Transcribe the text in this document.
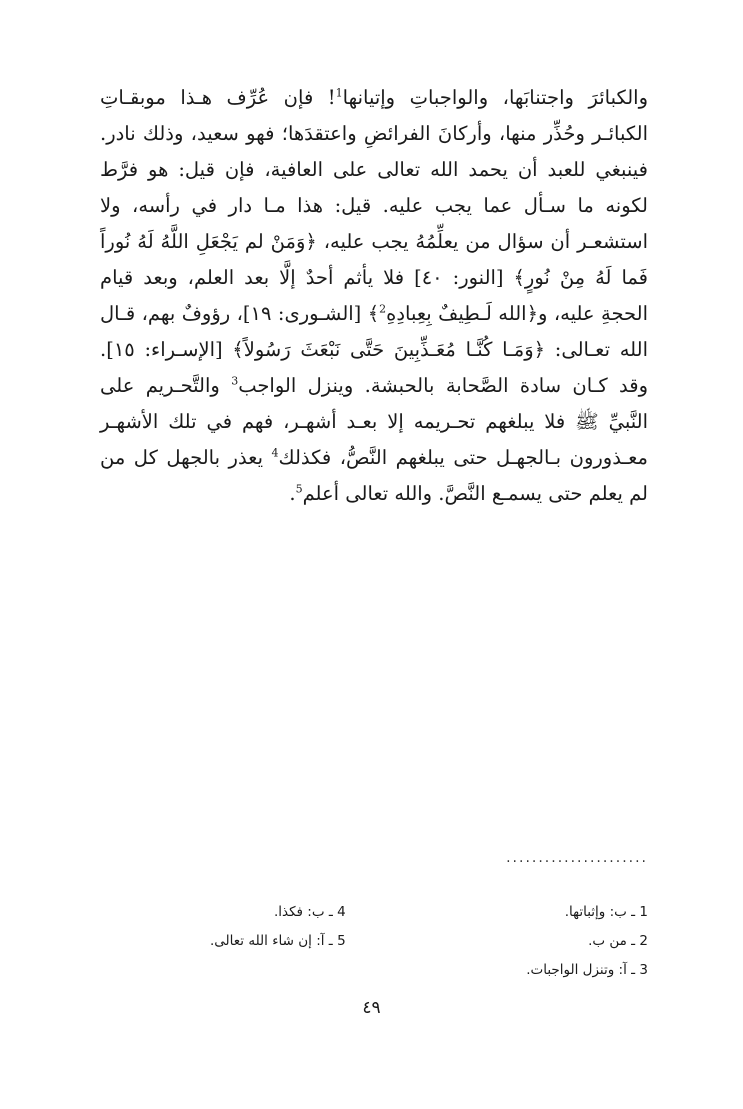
والكبائرَ واجتنابَها، والواجباتِ وإتيانها$^1$! فإن عُرِّف هـذا موبقـاتِ الكبائـر وحُذِّر منها، وأركانَ الفرائضِ واعتقدَها؛ فهو سعيد، وذلك نادر. فينبغي للعبد أن يحمد الله تعالى على العافية، فإن قيل: هو فرَّط لكونه ما سـأل عما يجب عليه. قيل: هذا مـا دار في رأسه، ولا استشعـر أن سؤال من يعلِّمُهُ يجب عليه، ﴿وَمَنْ لم يَجْعَلِ اللَّهُ لَهُ نُوراً فَما لَهُ مِنْ نُورٍ﴾ [النور: ٤٠] فلا يأثم أحدٌ إلَّا بعد العلم، وبعد قيام الحجةِ عليه، و﴿الله لَـطِيفٌ بِعِبادِهِ$^2$﴾ [الشـورى: ١٩]، رؤوفٌ بهم، قـال الله تعـالى: ﴿وَمَـا كُنَّـا مُعَـذِّبِينَ حَتَّى نَبْعَثَ رَسُولاً﴾ [الإسـراء: ١٥]. وقد كـان سادة الصَّحابة بالحبشة. وينزل الواجب$^3$ والتَّحـريم على النَّبيِّ ﷺ فلا يبلغهم تحـريمه إلا بعـد أشهـر، فهم في تلك الأشهـر معـذورون بـالجهـل حتى يبلغهم النَّصُّ، فكذلك$^4$ يعذر بالجهل كل من لم يعلم حتى يسمـع النَّصَّ. والله تعالى أعلم$^5$.

......................
1 ـ ب: وإثباتها.
2 ـ من ب.
3 ـ آ: وتنزل الواجبات.
4 ـ ب: فكذا.
5 ـ آ: إن شاء الله تعالى.
٤٩
